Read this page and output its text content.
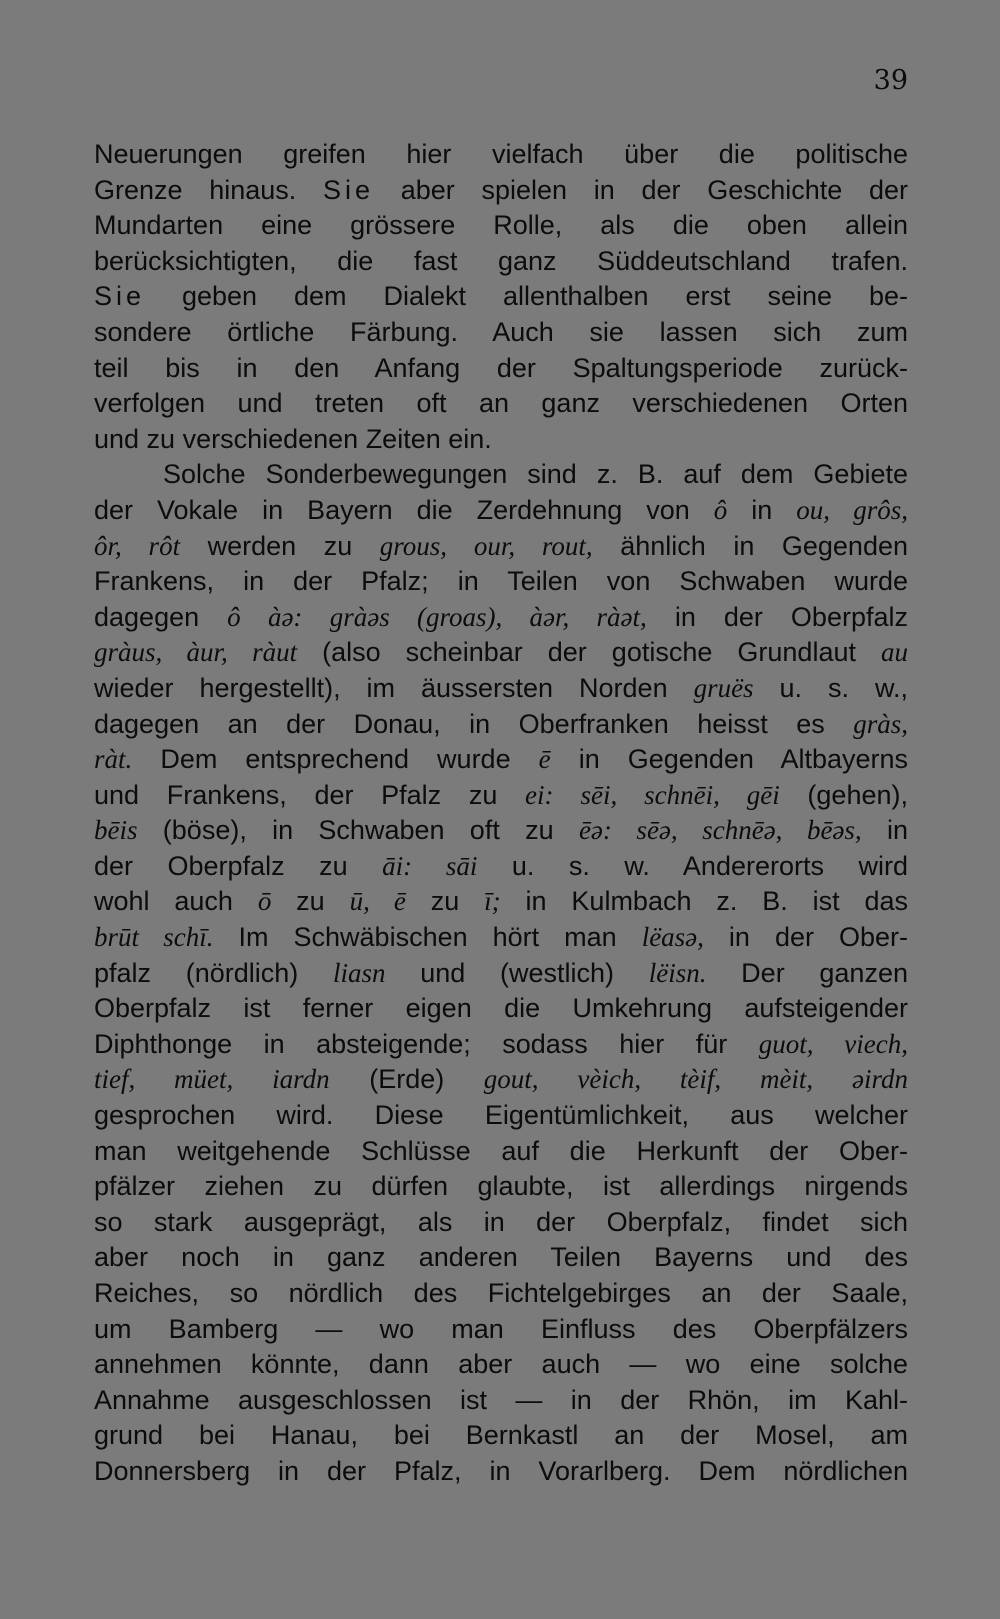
39
Neuerungen greifen hier vielfach über die politische
Grenze hinaus. Sie aber spielen in der Geschichte der
Mundarten eine grössere Rolle, als die oben allein
berücksichtigten, die fast ganz Süddeutschland trafen.
Sie geben dem Dialekt allenthalben erst seine be-
sondere örtliche Färbung. Auch sie lassen sich zum
teil bis in den Anfang der Spaltungsperiode zurück-
verfolgen und treten oft an ganz verschiedenen Orten
und zu verschiedenen Zeiten ein.
Solche Sonderbewegungen sind z. B. auf dem Gebiete
der Vokale in Bayern die Zerdehnung von ô in ou, grôs,
ôr, rôt werden zu grous, our, rout, ähnlich in Gegenden
Frankens, in der Pfalz; in Teilen von Schwaben wurde
dagegen ô àə: gràəs (groas), àər, ràət, in der Oberpfalz
gràus, àur, ràut (also scheinbar der gotische Grundlaut au
wieder hergestellt), im äussersten Norden gruës u. s. w.,
dagegen an der Donau, in Oberfranken heisst es gràs,
ràt. Dem entsprechend wurde ē in Gegenden Altbayerns
und Frankens, der Pfalz zu ei: sēi, schnēi, gēi (gehen),
bēis (böse), in Schwaben oft zu ēə: sēə, schnēə, bēəs, in
der Oberpfalz zu āi: sāi u. s. w. Andererorts wird
wohl auch ō zu ū, ē zu ī; in Kulmbach z. B. ist das
brūt schī. Im Schwäbischen hört man lëasə, in der Ober-
pfalz (nördlich) liasn und (westlich) lëisn. Der ganzen
Oberpfalz ist ferner eigen die Umkehrung aufsteigender
Diphthonge in absteigende; sodass hier für guot, viech,
tief, müet, iardn (Erde) gout, vèich, tèif, mèit, əirdn
gesprochen wird. Diese Eigentümlichkeit, aus welcher
man weitgehende Schlüsse auf die Herkunft der Ober-
pfälzer ziehen zu dürfen glaubte, ist allerdings nirgends
so stark ausgeprägt, als in der Oberpfalz, findet sich
aber noch in ganz anderen Teilen Bayerns und des
Reiches, so nördlich des Fichtelgebirges an der Saale,
um Bamberg — wo man Einfluss des Oberpfälzers
annehmen könnte, dann aber auch — wo eine solche
Annahme ausgeschlossen ist — in der Rhön, im Kahl-
grund bei Hanau, bei Bernkastl an der Mosel, am
Donnersberg in der Pfalz, in Vorarlberg. Dem nördlichen
